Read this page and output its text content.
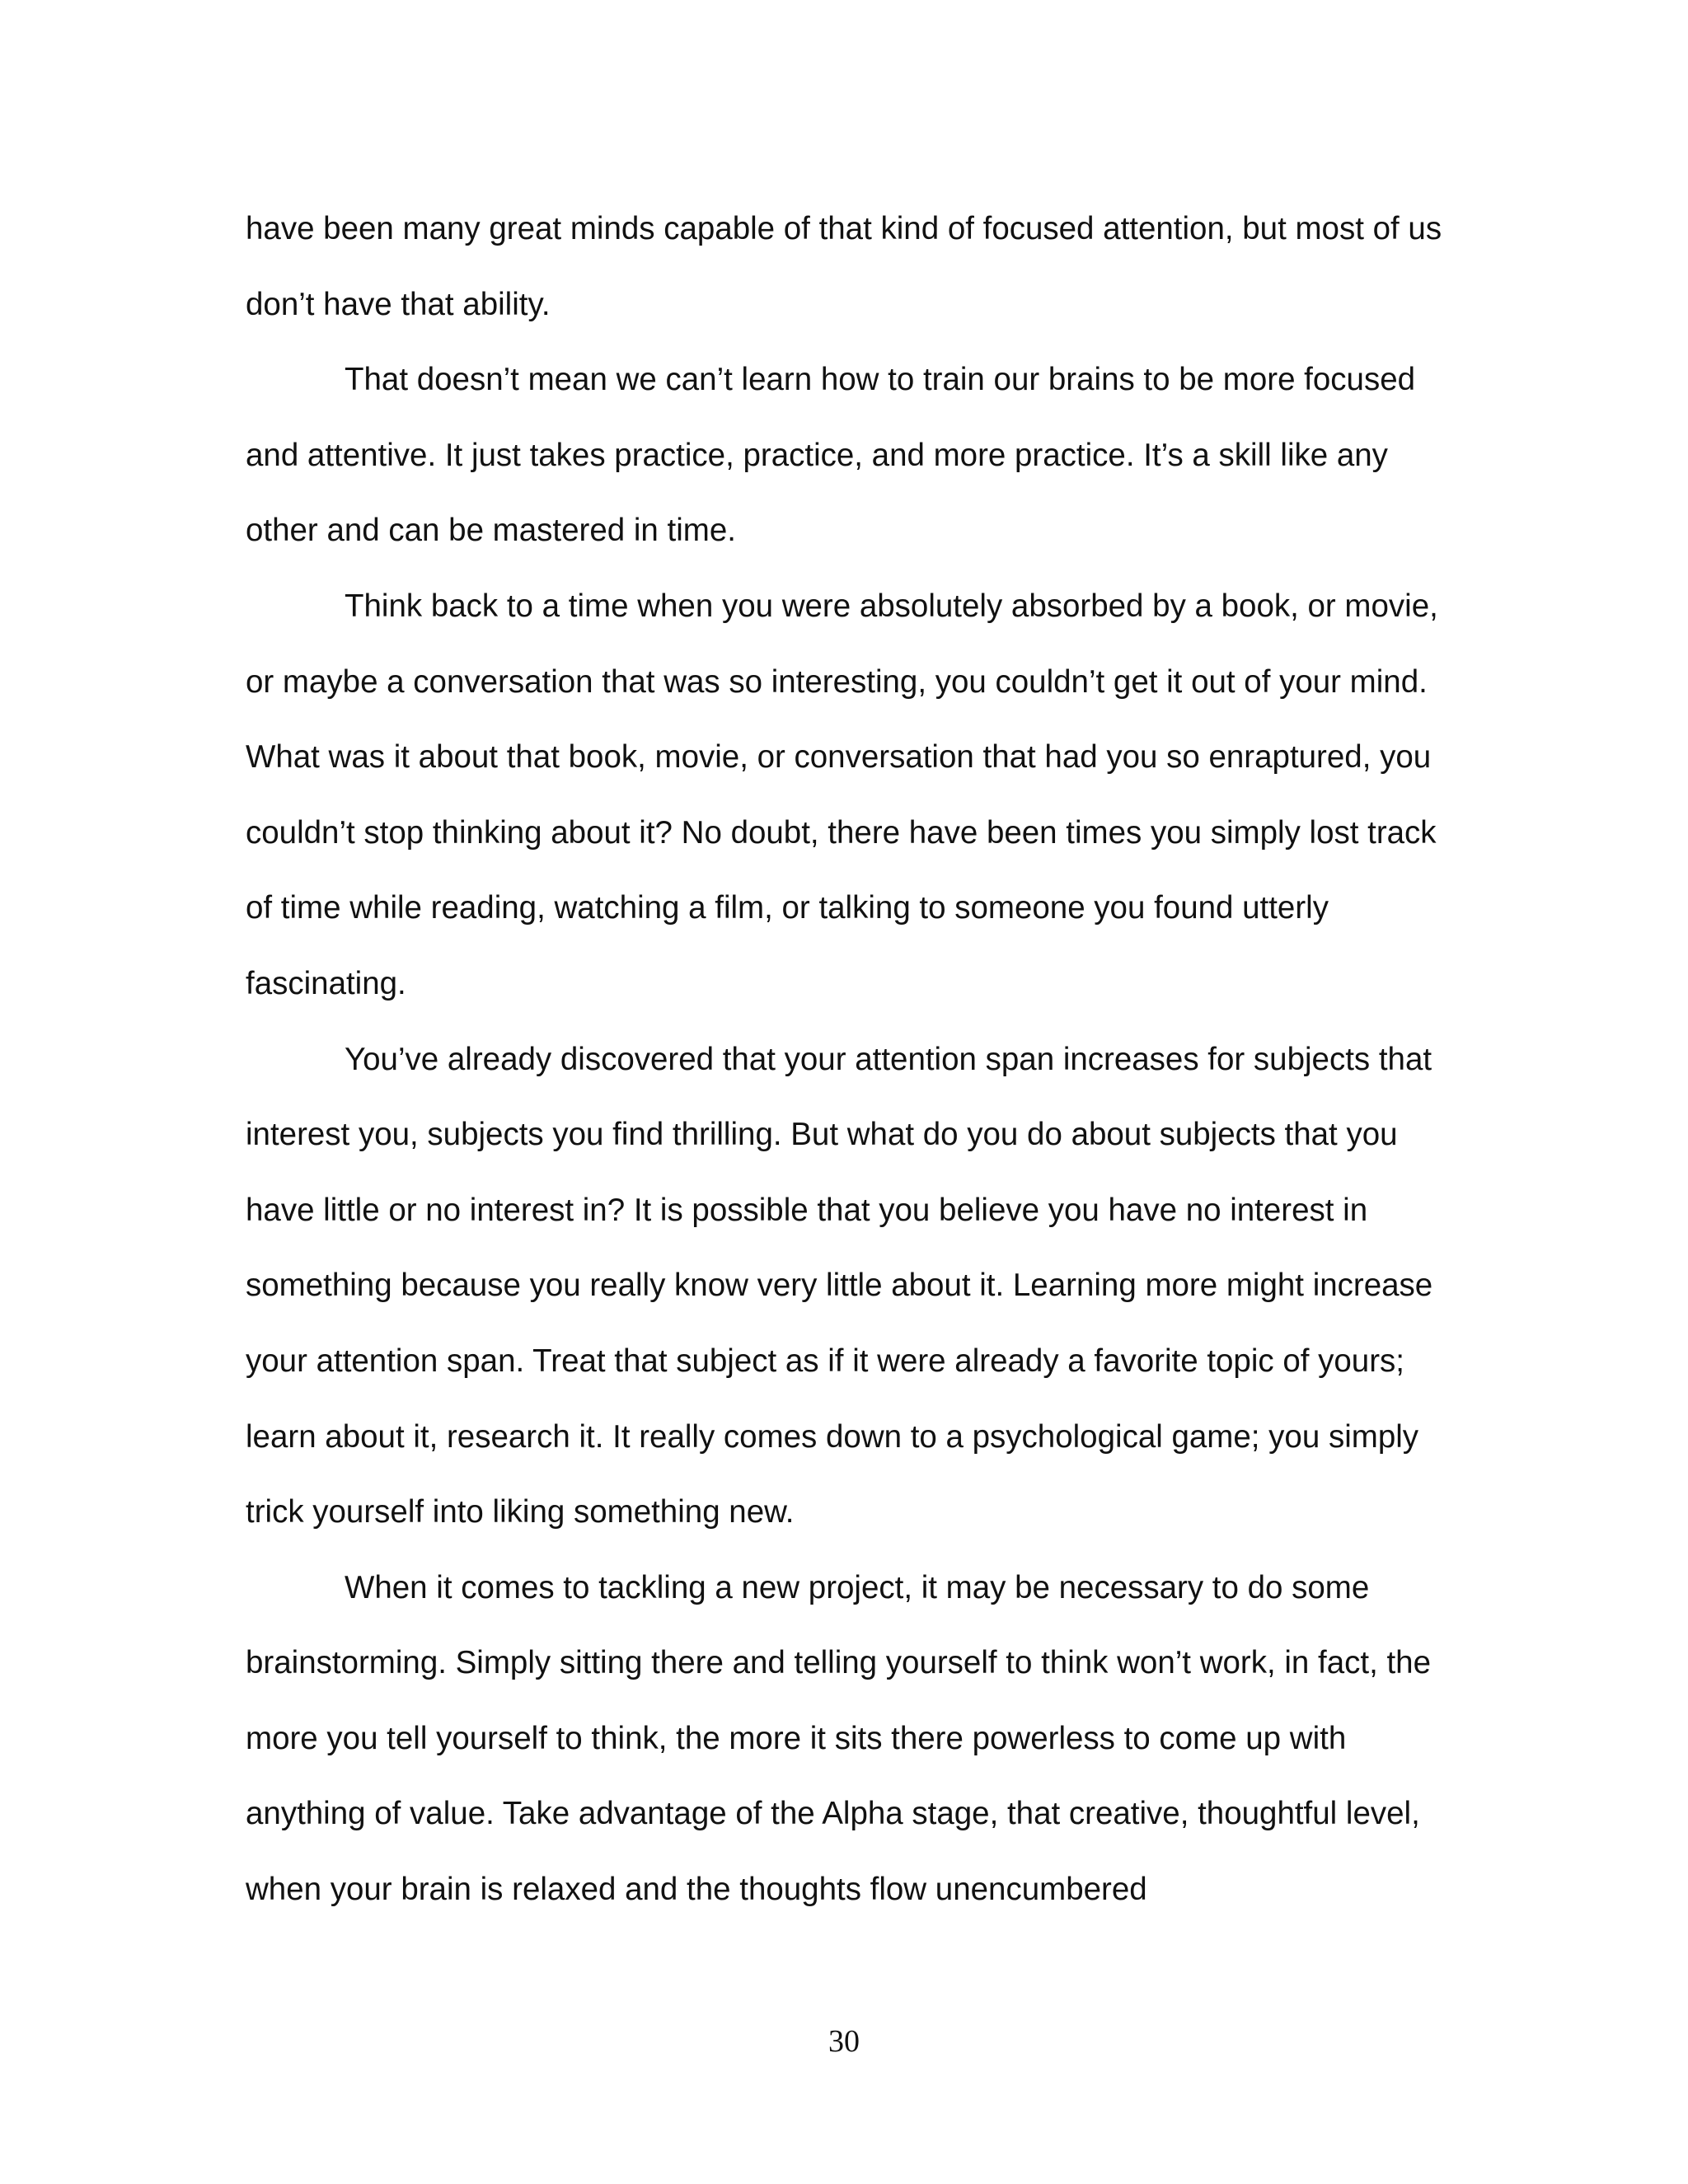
have been many great minds capable of that kind of focused attention, but most of us don’t have that ability.

That doesn’t mean we can’t learn how to train our brains to be more focused and attentive. It just takes practice, practice, and more practice. It’s a skill like any other and can be mastered in time.

Think back to a time when you were absolutely absorbed by a book, or movie, or maybe a conversation that was so interesting, you couldn’t get it out of your mind. What was it about that book, movie, or conversation that had you so enraptured, you couldn’t stop thinking about it? No doubt, there have been times you simply lost track of time while reading, watching a film, or talking to someone you found utterly fascinating.

You’ve already discovered that your attention span increases for subjects that interest you, subjects you find thrilling. But what do you do about subjects that you have little or no interest in? It is possible that you believe you have no interest in something because you really know very little about it. Learning more might increase your attention span. Treat that subject as if it were already a favorite topic of yours; learn about it, research it. It really comes down to a psychological game; you simply trick yourself into liking something new.

When it comes to tackling a new project, it may be necessary to do some brainstorming. Simply sitting there and telling yourself to think won’t work, in fact, the more you tell yourself to think, the more it sits there powerless to come up with anything of value. Take advantage of the Alpha stage, that creative, thoughtful level, when your brain is relaxed and the thoughts flow unencumbered

30
